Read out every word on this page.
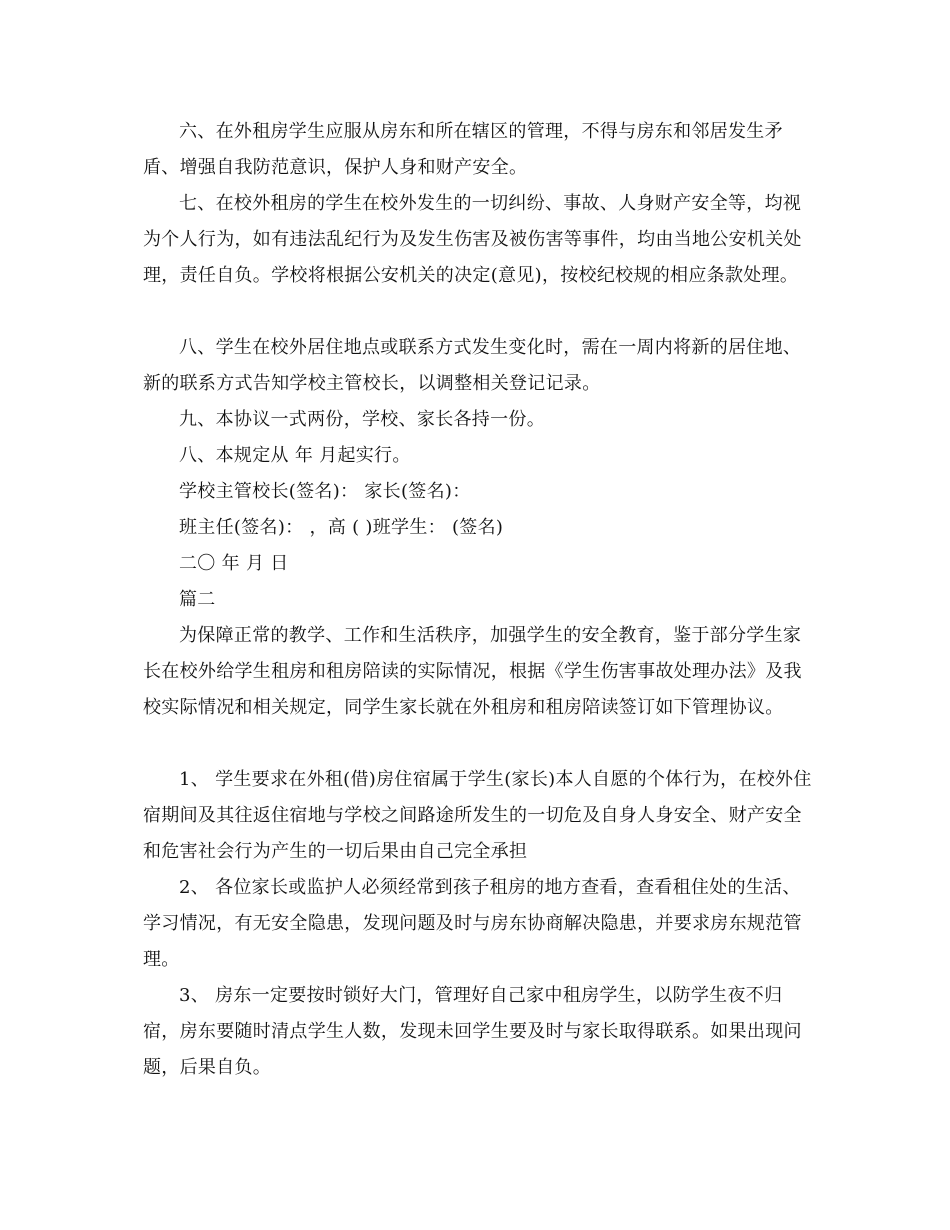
六、在外租房学生应服从房东和所在辖区的管理，不得与房东和邻居发生矛盾、增强自我防范意识，保护人身和财产安全。

七、在校外租房的学生在校外发生的一切纠纷、事故、人身财产安全等，均视为个人行为，如有违法乱纪行为及发生伤害及被伤害等事件，均由当地公安机关处理，责任自负。学校将根据公安机关的决定(意见)，按校纪校规的相应条款处理。

八、学生在校外居住地点或联系方式发生变化时，需在一周内将新的居住地、新的联系方式告知学校主管校长，以调整相关登记记录。

九、本协议一式两份，学校、家长各持一份。

八、本规定从 年 月起实行。

学校主管校长(签名)： 家长(签名)：

班主任(签名)： ，高 ( )班学生： (签名)

二〇 年 月 日

篇二

为保障正常的教学、工作和生活秩序，加强学生的安全教育，鉴于部分学生家长在校外给学生租房和租房陪读的实际情况，根据《学生伤害事故处理办法》及我校实际情况和相关规定，同学生家长就在外租房和租房陪读签订如下管理协议。

1、 学生要求在外租(借)房住宿属于学生(家长)本人自愿的个体行为，在校外住宿期间及其往返住宿地与学校之间路途所发生的一切危及自身人身安全、财产安全和危害社会行为产生的一切后果由自己完全承担

2、 各位家长或监护人必须经常到孩子租房的地方查看，查看租住处的生活、学习情况，有无安全隐患，发现问题及时与房东协商解决隐患，并要求房东规范管理。

3、 房东一定要按时锁好大门，管理好自己家中租房学生，以防学生夜不归宿，房东要随时清点学生人数，发现未回学生要及时与家长取得联系。如果出现问题，后果自负。
